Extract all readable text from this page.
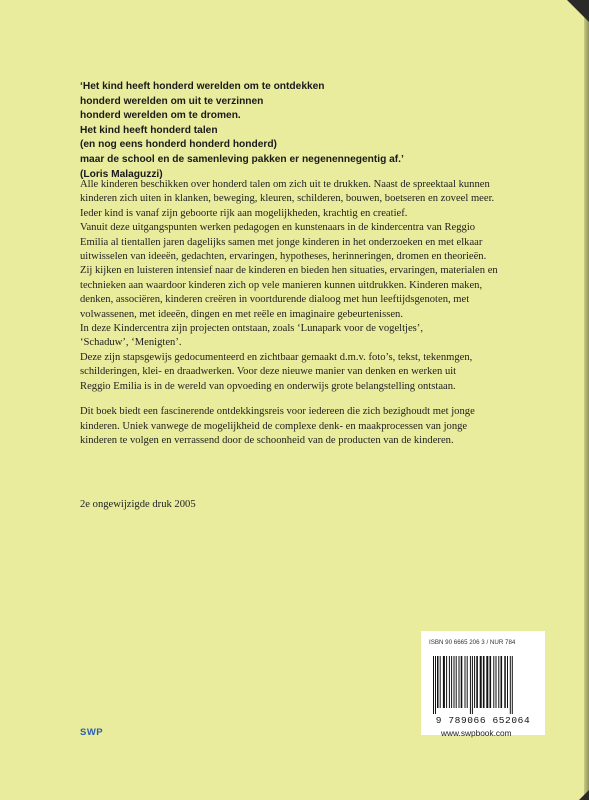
‘Het kind heeft honderd werelden om te ontdekken
honderd werelden om uit te verzinnen
honderd werelden om te dromen.
Het kind heeft honderd talen
(en nog eens honderd honderd honderd)
maar de school en de samenleving pakken er negenennegentig af.’
(Loris Malaguzzi)

Alle kinderen beschikken over honderd talen om zich uit te drukken. Naast de spreektaal kunnen

kinderen zich uiten in klanken, beweging, kleuren, schilderen, bouwen, boetseren en zoveel meer.

Ieder kind is vanaf zijn geboorte rijk aan mogelijkheden, krachtig en creatief.

Vanuit deze uitgangspunten werken pedagogen en kunstenaars in de kindercentra van Reggio

Emilia al tientallen jaren dagelijks samen met jonge kinderen in het onderzoeken en met elkaar

uitwisselen van ideeën, gedachten, ervaringen, hypotheses, herinneringen, dromen en theorieën.

Zij kijken en luisteren intensief naar de kinderen en bieden hen situaties, ervaringen, materialen en

technieken aan waardoor kinderen zich op vele manieren kunnen uitdrukken. Kinderen maken,

denken, associëren, kinderen creëren in voortdurende dialoog met hun leeftijdsgenoten, met

volwassenen, met ideeën, dingen en met reële en imaginaire gebeurtenissen.

In deze Kindercentra zijn projecten ontstaan, zoals ‘Lunapark voor de vogeltjes’,

‘Schaduw’, ‘Menigten’.

Deze zijn stapsgewijs gedocumenteerd en zichtbaar gemaakt d.m.v. foto’s, tekst, tekenmgen,

schilderingen, klei- en draadwerken. Voor deze nieuwe manier van denken en werken uit

Reggio Emilia is in de wereld van opvoeding en onderwijs grote belangstelling ontstaan.

Dit boek biedt een fascinerende ontdekkingsreis voor iedereen die zich bezighoudt met jonge

kinderen. Uniek vanwege de mogelijkheid de complexe denk- en maakprocessen van jonge

kinderen te volgen en verrassend door de schoonheid van de producten van de kinderen.

2e ongewijzigde druk 2005
ISBN 90 6665 206 3 / NUR 784
9 789066 652064
SWP	www.swpbook.com
